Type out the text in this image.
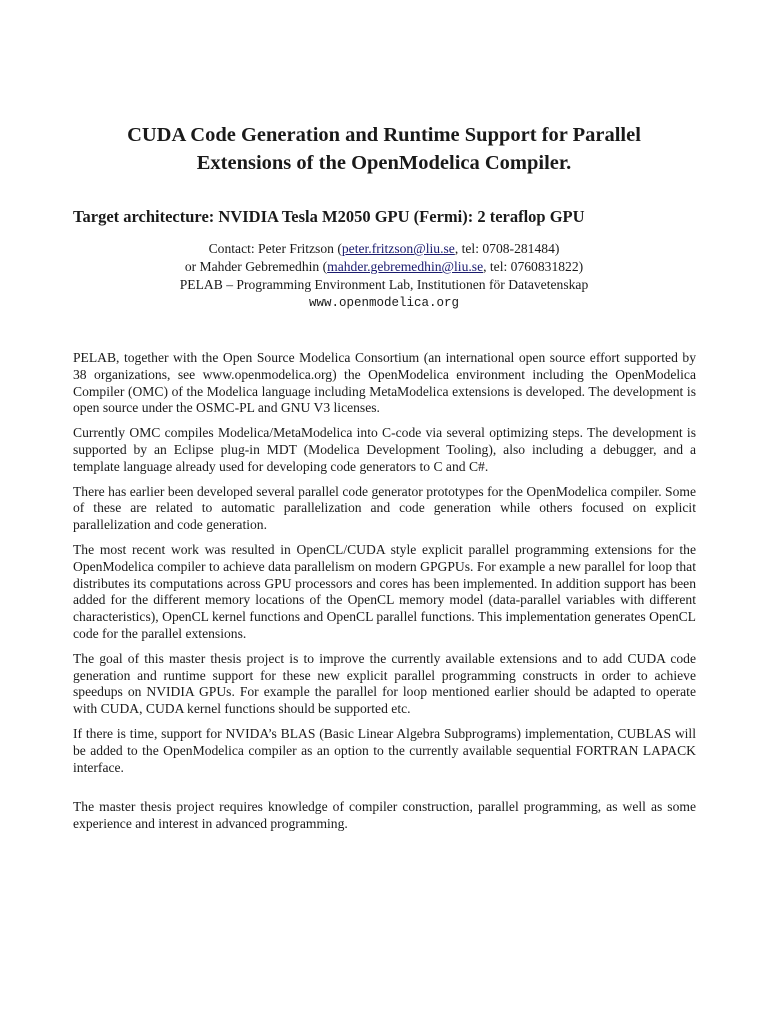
CUDA Code Generation and Runtime Support for Parallel
Extensions of the OpenModelica Compiler.
Target architecture: NVIDIA Tesla M2050 GPU (Fermi): 2 teraflop GPU
Contact: Peter Fritzson (peter.fritzson@liu.se, tel: 0708-281484)
or Mahder Gebremedhin (mahder.gebremedhin@liu.se, tel: 0760831822)
PELAB – Programming Environment Lab, Institutionen för Datavetenskap
www.openmodelica.org

PELAB, together with the Open Source Modelica Consortium (an international open source effort supported by 38 organizations, see www.openmodelica.org) the OpenModelica environment including the OpenModelica Compiler (OMC) of the Modelica language including MetaModelica extensions is developed. The development is open source under the OSMC-PL and GNU V3 licenses.

Currently OMC compiles Modelica/MetaModelica into C-code via several optimizing steps. The development is supported by an Eclipse plug-in MDT (Modelica Development Tooling), also including a debugger, and a template language already used for developing code generators to C and C#.

There has earlier been developed several parallel code generator prototypes for the OpenModelica compiler. Some of these are related to automatic parallelization and code generation while others focused on explicit parallelization and code generation.

The most recent work was resulted in OpenCL/CUDA style explicit parallel programming extensions for the OpenModelica compiler to achieve data parallelism on modern GPGPUs. For example a new parallel for loop that distributes its computations across GPU processors and cores has been implemented. In addition support has been added for the different memory locations of the OpenCL memory model (data-parallel variables with different characteristics), OpenCL kernel functions and OpenCL parallel functions. This implementation generates OpenCL code for the parallel extensions.

The goal of this master thesis project is to improve the currently available extensions and to add CUDA code generation and runtime support for these new explicit parallel programming constructs in order to achieve speedups on NVIDIA GPUs. For example the parallel for loop mentioned earlier should be adapted to operate with CUDA, CUDA kernel functions should be supported etc.

If there is time, support for NVIDA’s BLAS (Basic Linear Algebra Subprograms) implementation, CUBLAS will be added to the OpenModelica compiler as an option to the currently available sequential FORTRAN LAPACK interface.

The master thesis project requires knowledge of compiler construction, parallel programming, as well as some experience and interest in advanced programming.
